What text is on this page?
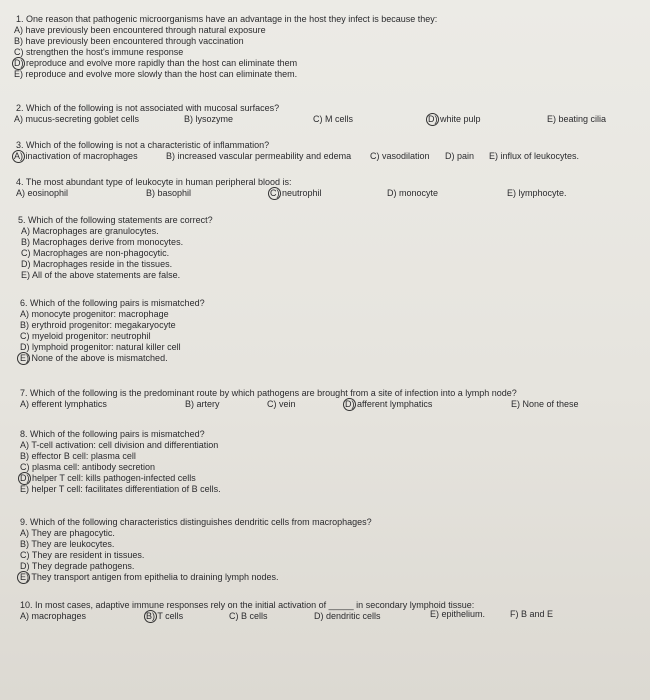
1. One reason that pathogenic microorganisms have an advantage in the host they infect is because they:
A) have previously been encountered through natural exposure
B) have previously been encountered through vaccination
C) strengthen the host's immune response
D) reproduce and evolve more rapidly than the host can eliminate them
E) reproduce and evolve more slowly than the host can eliminate them.
2. Which of the following is not associated with mucosal surfaces?
A) mucus-secreting goblet cells	B) lysozyme	C) M cells	D) white pulp	E) beating cilia
3. Which of the following is not a characteristic of inflammation?
A) inactivation of macrophages	B) increased vascular permeability and edema C) vasodilation D) pain E) influx of leukocytes.
4. The most abundant type of leukocyte in human peripheral blood is:
A) eosinophil	B) basophil	C) neutrophil	D) monocyte	E) lymphocyte.
5. Which of the following statements are correct?
A) Macrophages are granulocytes.
B) Macrophages derive from monocytes.
C) Macrophages are non-phagocytic.
D) Macrophages reside in the tissues.
E) All of the above statements are false.
6. Which of the following pairs is mismatched?
A) monocyte progenitor: macrophage
B) erythroid progenitor: megakaryocyte
C) myeloid progenitor: neutrophil
D) lymphoid progenitor: natural killer cell
E) None of the above is mismatched.
7. Which of the following is the predominant route by which pathogens are brought from a site of infection into a lymph node?
A) efferent lymphatics	B) artery	C) vein	D) afferent lymphatics	E) None of these
8. Which of the following pairs is mismatched?
A) T-cell activation: cell division and differentiation
B) effector B cell: plasma cell
C) plasma cell: antibody secretion
D) helper T cell: kills pathogen-infected cells
E) helper T cell: facilitates differentiation of B cells.
9. Which of the following characteristics distinguishes dendritic cells from macrophages?
A) They are phagocytic.
B) They are leukocytes.
C) They are resident in tissues.
D) They degrade pathogens.
E) They transport antigen from epithelia to draining lymph nodes.
10. In most cases, adaptive immune responses rely on the initial activation of _____ in secondary lymphoid tissue:
A) macrophages	B) T cells	C) B cells	D) dendritic cells	E) epithelium.	F) B and E
